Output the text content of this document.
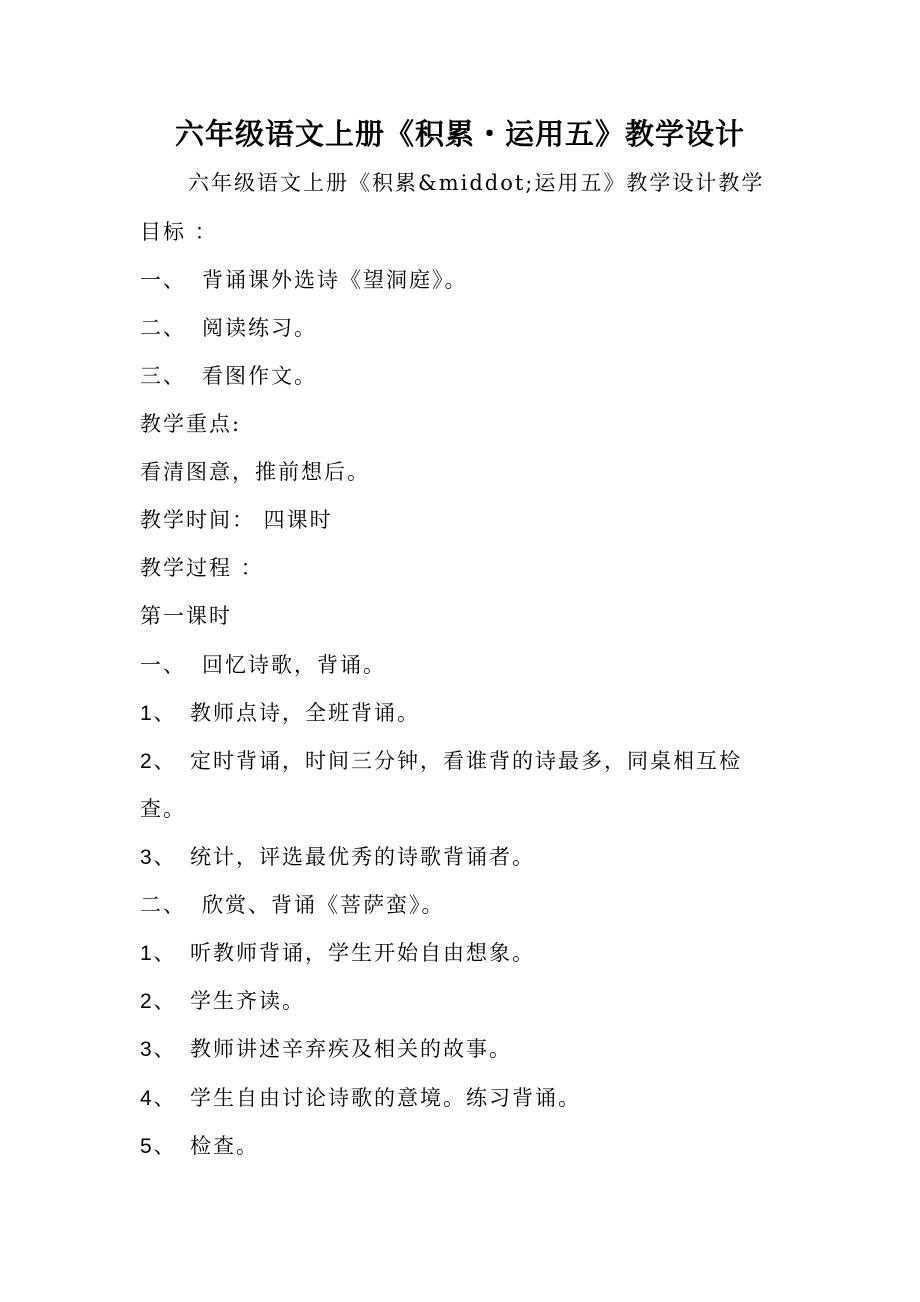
六年级语文上册《积累・运用五》教学设计
六年级语文上册《积累&middot;运用五》教学设计教学
目标 ：
一、 背诵课外选诗《望洞庭》。
二、 阅读练习。
三、 看图作文。
教学重点:
看清图意，推前想后。
教学时间： 四课时
教学过程 ：
第一课时
一、 回忆诗歌，背诵。
1、 教师点诗，全班背诵。
2、 定时背诵，时间三分钟，看谁背的诗最多，同桌相互检
查。
3、 统计，评选最优秀的诗歌背诵者。
二、 欣赏、背诵《菩萨蛮》。
1、 听教师背诵，学生开始自由想象。
2、 学生齐读。
3、 教师讲述辛弃疾及相关的故事。
4、 学生自由讨论诗歌的意境。练习背诵。
5、 检查。
